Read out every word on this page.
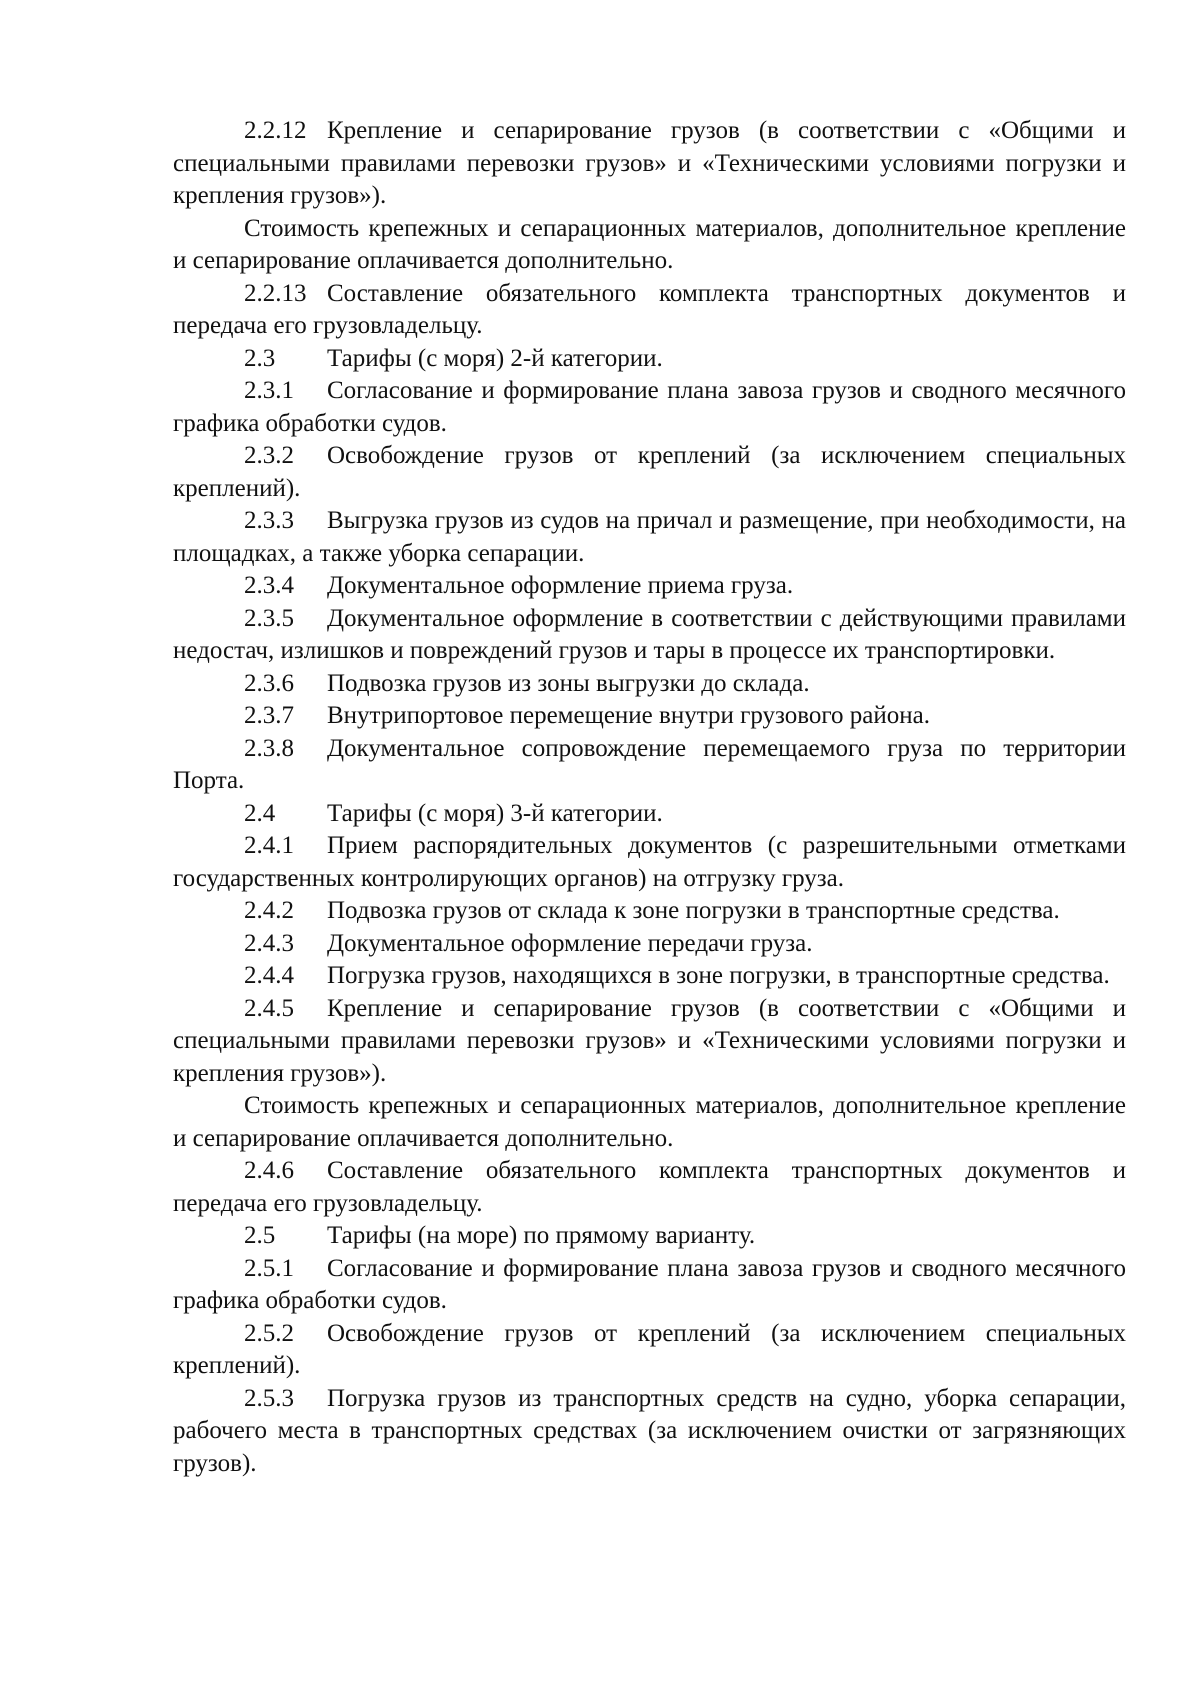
2.2.12 Крепление и сепарирование грузов (в соответствии с «Общими и специальными правилами перевозки грузов» и «Техническими условиями погрузки и крепления грузов»).

Стоимость крепежных и сепарационных материалов, дополнительное крепление и сепарирование оплачивается дополнительно.

2.2.13 Составление обязательного комплекта транспортных документов и передача его грузовладельцу.

2.3 Тарифы (с моря) 2-й категории.

2.3.1 Согласование и формирование плана завоза грузов и сводного месячного графика обработки судов.

2.3.2 Освобождение грузов от креплений (за исключением специальных креплений).

2.3.3 Выгрузка грузов из судов на причал и размещение, при необходимости, на площадках, а также уборка сепарации.

2.3.4 Документальное оформление приема груза.

2.3.5 Документальное оформление в соответствии с действующими правилами недостач, излишков и повреждений грузов и тары в процессе их транспортировки.

2.3.6 Подвозка грузов из зоны выгрузки до склада.

2.3.7 Внутрипортовое перемещение внутри грузового района.

2.3.8 Документальное сопровождение перемещаемого груза по территории Порта.

2.4 Тарифы (с моря) 3-й категории.

2.4.1 Прием распорядительных документов (с разрешительными отметками государственных контролирующих органов) на отгрузку груза.

2.4.2 Подвозка грузов от склада к зоне погрузки в транспортные средства.

2.4.3 Документальное оформление передачи груза.

2.4.4 Погрузка грузов, находящихся в зоне погрузки, в транспортные средства.

2.4.5 Крепление и сепарирование грузов (в соответствии с «Общими и специальными правилами перевозки грузов» и «Техническими условиями погрузки и крепления грузов»).

Стоимость крепежных и сепарационных материалов, дополнительное крепление и сепарирование оплачивается дополнительно.

2.4.6 Составление обязательного комплекта транспортных документов и передача его грузовладельцу.

2.5 Тарифы (на море) по прямому варианту.

2.5.1 Согласование и формирование плана завоза грузов и сводного месячного графика обработки судов.

2.5.2 Освобождение грузов от креплений (за исключением специальных креплений).

2.5.3 Погрузка грузов из транспортных средств на судно, уборка сепарации, рабочего места в транспортных средствах (за исключением очистки от загрязняющих грузов).
